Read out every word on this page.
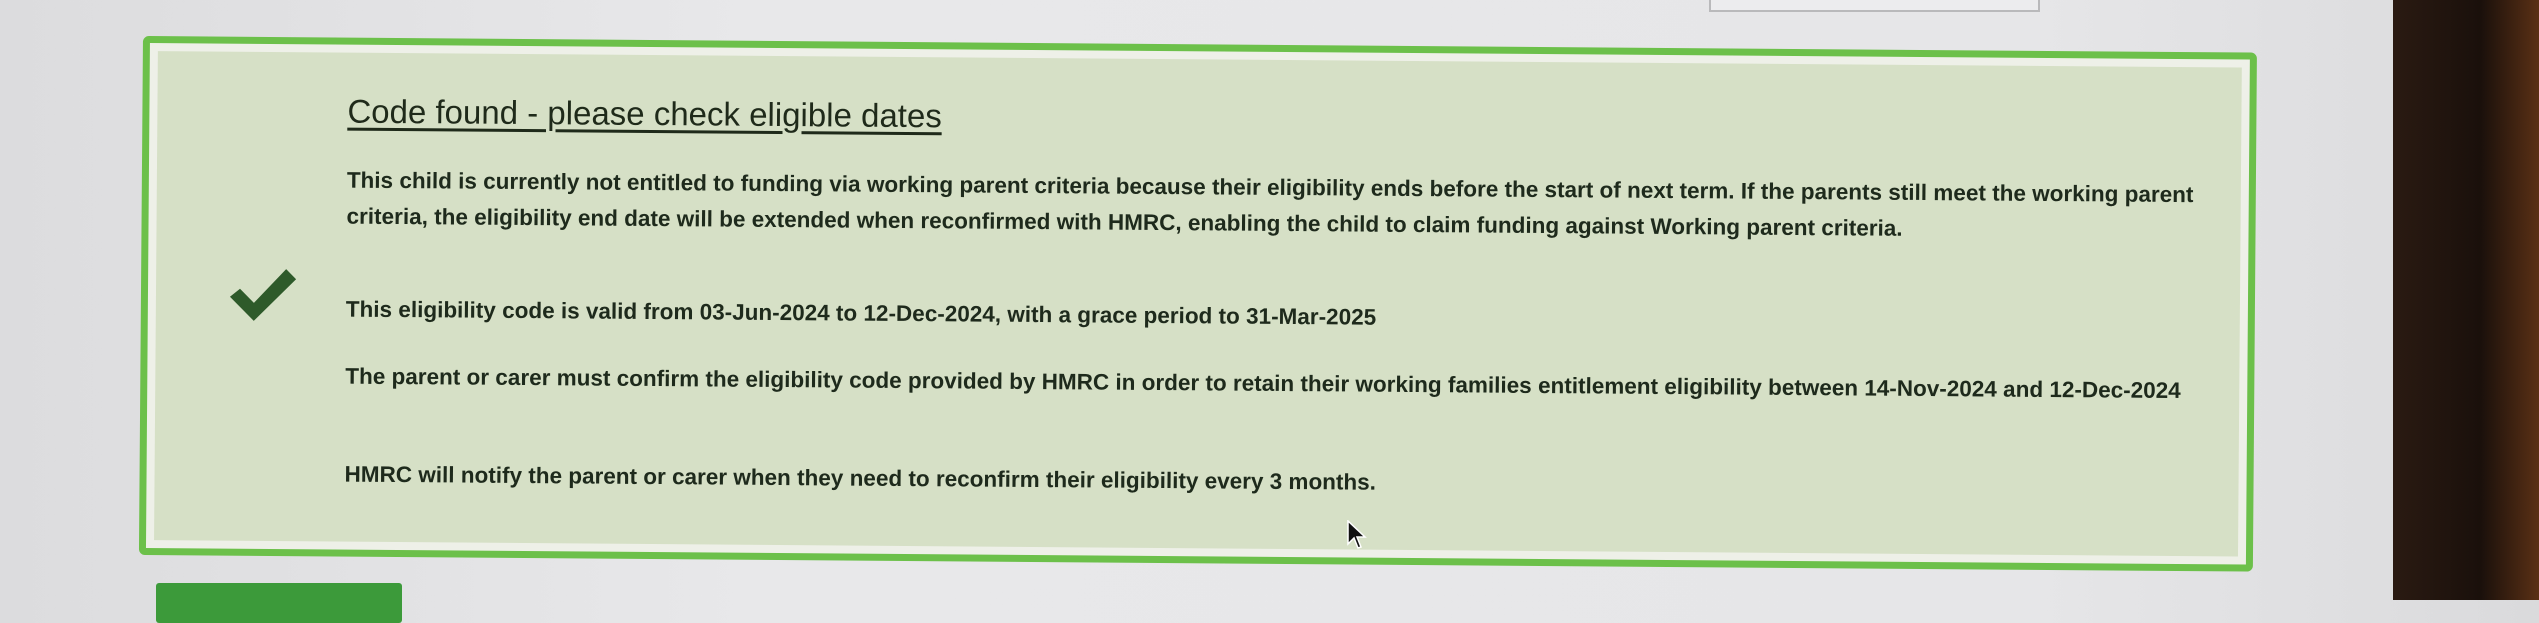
Code found - please check eligible dates
This child is currently not entitled to funding via working parent criteria because their eligibility ends before the start of next term. If the parents still meet the working parent criteria, the eligibility end date will be extended when reconfirmed with HMRC, enabling the child to claim funding against Working parent criteria.
This eligibility code is valid from 03-Jun-2024 to 12-Dec-2024, with a grace period to 31-Mar-2025
The parent or carer must confirm the eligibility code provided by HMRC in order to retain their working families entitlement eligibility between 14-Nov-2024 and 12-Dec-2024
HMRC will notify the parent or carer when they need to reconfirm their eligibility every 3 months.
